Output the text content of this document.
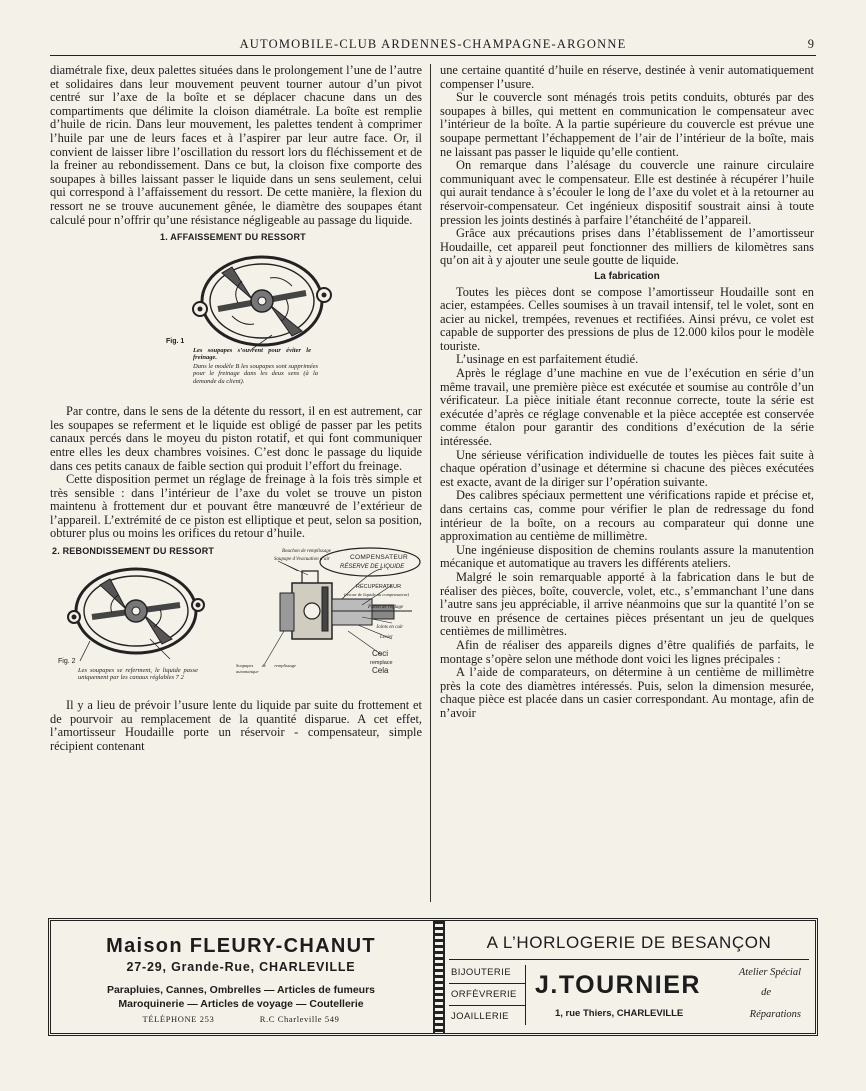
AUTOMOBILE-CLUB ARDENNES-CHAMPAGNE-ARGONNE	9

diamétrale fixe, deux palettes situées dans le prolongement l’une de l’autre et solidaires dans leur mouvement peuvent tourner autour d’un pivot centré sur l’axe de la boîte et se déplacer chacune dans un des compartiments que délimite la cloison diamétrale. La boîte est remplie d’huile de ricin. Dans leur mouvement, les palettes tendent à comprimer l’huile par une de leurs faces et à l’aspirer par leur autre face. Or, il convient de laisser libre l’oscillation du ressort lors du fléchissement et de la freiner au rebondissement. Dans ce but, la cloison fixe comporte des soupapes à billes laissant passer le liquide dans un sens seulement, celui qui correspond à l’affaissement du ressort. De cette manière, la flexion du ressort ne se trouve aucunement gênée, le diamètre des soupapes étant calculé pour n’offrir qu’une résistance négligeable au passage du liquide.

1. AFFAISSEMENT DU RESSORT
Fig. 1
Les soupapes s’ouvrent pour éviter le freinage.
Dans le modèle B les soupapes sont supprimées pour le freinage dans les deux sens (à la demande du client).

Par contre, dans le sens de la détente du ressort, il en est autrement, car les soupapes se referment et le liquide est obligé de passer par les petits canaux percés dans le moyeu du piston rotatif, et qui font communiquer entre elles les deux chambres voisines. C’est donc le passage du liquide dans ces petits canaux de faible section qui produit l’effort du freinage.

Cette disposition permet un réglage de freinage à la fois très simple et très sensible : dans l’intérieur de l’axe du volet se trouve un piston maintenu à frottement dur et pouvant être manœuvré de l’extérieur de l’appareil. L’extrémité de ce piston est elliptique et peut, selon sa position, obturer plus ou moins les orifices du retour d’huile.

2. REBONDISSEMENT DU RESSORT
Fig. 2
Les soupapes se referment, le liquide passe uniquement par les canaux réglables 7 2
Bouchon de remplissage
Soupape d’évacuation d’air	COMPENSATEUR
RÉSERVE DE LIQUIDE
RÉCUPÉRATEUR
(retour de liquide au compensateur)
Piston de réglage
Joints en cuir
Levier
Soupapes de remplissage automatique
Ceci
remplace
Cela

Il y a lieu de prévoir l’usure lente du liquide par suite du frottement et de pourvoir au remplacement de la quantité disparue. A cet effet, l’amortisseur Houdaille porte un réservoir - compensateur, simple récipient contenant

une certaine quantité d’huile en réserve, destinée à venir automatiquement compenser l’usure.

Sur le couvercle sont ménagés trois petits conduits, obturés par des soupapes à billes, qui mettent en communication le compensateur avec l’intérieur de la boîte. A la partie supérieure du couvercle est prévue une soupape permettant l’échappement de l’air de l’intérieur de la boîte, mais ne laissant pas passer le liquide qu’elle contient.

On remarque dans l’alésage du couvercle une rainure circulaire communiquant avec le compensateur. Elle est destinée à récupérer l’huile qui aurait tendance à s’écouler le long de l’axe du volet et à la retourner au réservoir-compensateur. Cet ingénieux dispositif soustrait ainsi à toute pression les joints destinés à parfaire l’étanchéité de l’appareil.

Grâce aux précautions prises dans l’établissement de l’amortisseur Houdaille, cet appareil peut fonctionner des milliers de kilomètres sans qu’on ait à y ajouter une seule goutte de liquide.

La fabrication

Toutes les pièces dont se compose l’amortisseur Houdaille sont en acier, estampées. Celles soumises à un travail intensif, tel le volet, sont en acier au nickel, trempées, revenues et rectifiées. Ainsi prévu, ce volet est capable de supporter des pressions de plus de 12.000 kilos pour le modèle touriste.

L’usinage en est parfaitement étudié.

Après le réglage d’une machine en vue de l’exécution en série d’un même travail, une première pièce est exécutée et soumise au contrôle d’un vérificateur. La pièce initiale étant reconnue correcte, toute la série est exécutée d’après ce réglage convenable et la pièce acceptée est conservée comme étalon pour garantir des conditions d’exécution de la série intéressée.

Une sérieuse vérification individuelle de toutes les pièces fait suite à chaque opération d’usinage et détermine si chacune des pièces exécutées est exacte, avant de la diriger sur l’opération suivante.

Des calibres spéciaux permettent une vérifications rapide et précise et, dans certains cas, comme pour vérifier le plan de redressage du fond intérieur de la boîte, on a recours au comparateur qui donne une approximation au centième de millimètre.

Une ingénieuse disposition de chemins roulants assure la manutention mécanique et automatique au travers les différents ateliers.

Malgré le soin remarquable apporté à la fabrication dans le but de réaliser des pièces, boîte, couvercle, volet, etc., s’emmanchant l’une dans l’autre sans jeu appréciable, il arrive néanmoins que sur la quantité l’on se trouve en présence de certaines pièces présentant un jeu de quelques centièmes de millimètres.

Afin de réaliser des appareils dignes d’être qualifiés de parfaits, le montage s’opère selon une méthode dont voici les lignes précipales :

A l’aide de comparateurs, on détermine à un centième de millimètre près la cote des diamètres intéressés. Puis, selon la dimension mesurée, chaque pièce est placée dans un casier correspondant. Au montage, afin de n’avoir

Maison FLEURY-CHANUT
27-29, Grande-Rue, CHARLEVILLE
Parapluies, Cannes, Ombrelles — Articles de fumeurs
Maroquinerie — Articles de voyage — Coutellerie
TÉLÉPHONE 253	R.C Charleville 549
A L’HORLOGERIE DE BESANÇON
BIJOUTERIE
ORFÈVRERIE
JOAILLERIE
J.TOURNIER
1, rue Thiers, CHARLEVILLE
Atelier Spécial
de
Réparations
